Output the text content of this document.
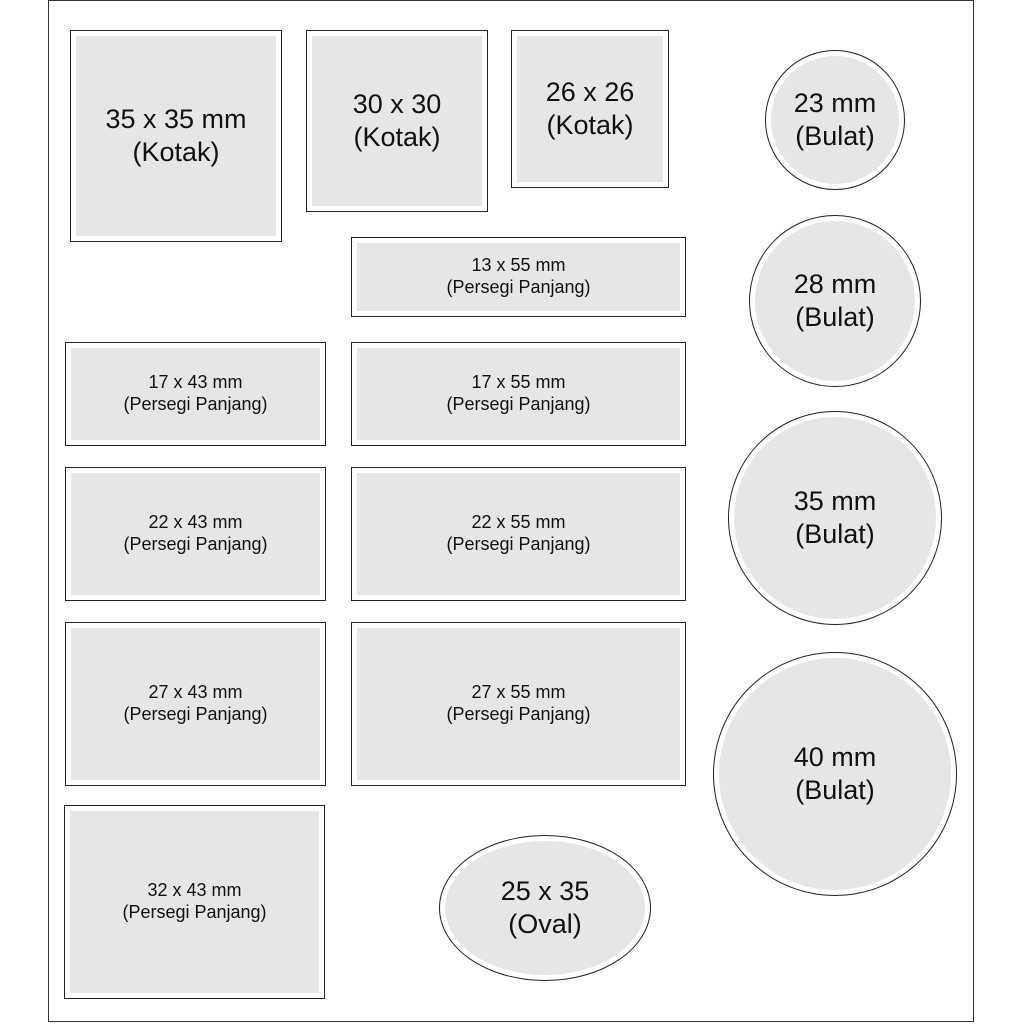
35 x 35 mm
(Kotak)
30 x 30
(Kotak)
26 x 26
(Kotak)
23 mm
(Bulat)
13 x 55 mm
(Persegi Panjang)	28 mm
(Bulat)
17 x 43 mm
(Persegi Panjang)
17 x 55 mm
(Persegi Panjang)
22 x 43 mm
(Persegi Panjang)
22 x 55 mm
(Persegi Panjang)
35 mm
(Bulat)
27 x 43 mm
(Persegi Panjang)
27 x 55 mm
(Persegi Panjang)
40 mm
(Bulat)
32 x 43 mm
(Persegi Panjang)
25 x 35
(Oval)
